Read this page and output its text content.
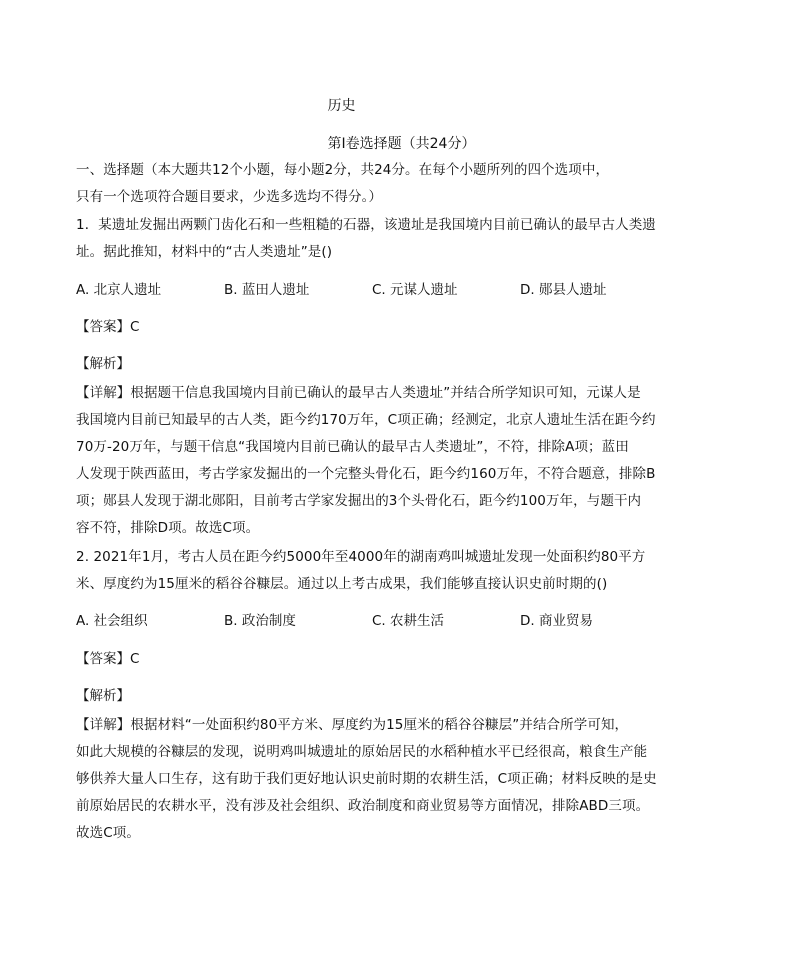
历史
第Ⅰ卷选择题（共24分）
一、选择题（本大题共12个小题，每小题2分，共24分。在每个小题所列的四个选项中，
只有一个选项符合题目要求，少选多选均不得分。）
1．某遗址发掘出两颗门齿化石和一些粗糙的石器，该遗址是我国境内目前已确认的最早古人类遗
址。据此推知，材料中的“古人类遗址”是()
A. 北京人遗址	B. 蓝田人遗址	C. 元谋人遗址	D. 郧县人遗址
【答案】C
【解析】
【详解】根据题干信息我国境内目前已确认的最早古人类遗址”并结合所学知识可知，元谋人是
我国境内目前已知最早的古人类，距今约170万年，C项正确；经测定，北京人遗址生活在距今约
70万-20万年，与题干信息“我国境内目前已确认的最早古人类遗址”，不符，排除A项；蓝田
人发现于陕西蓝田，考古学家发掘出的一个完整头骨化石，距今约160万年，不符合题意，排除B
项；郧县人发现于湖北郧阳，目前考古学家发掘出的3个头骨化石，距今约100万年，与题干内
容不符，排除D项。故选C项。
2. 2021年1月，考古人员在距今约5000年至4000年的湖南鸡叫城遗址发现一处面积约80平方
米、厚度约为15厘米的稻谷谷糠层。通过以上考古成果，我们能够直接认识史前时期的()
A. 社会组织	B. 政治制度	C. 农耕生活	D. 商业贸易
【答案】C
【解析】
【详解】根据材料“一处面积约80平方米、厚度约为15厘米的稻谷谷糠层”并结合所学可知，
如此大规模的谷糠层的发现，说明鸡叫城遗址的原始居民的水稻种植水平已经很高，粮食生产能
够供养大量人口生存，这有助于我们更好地认识史前时期的农耕生活，C项正确；材料反映的是史
前原始居民的农耕水平，没有涉及社会组织、政治制度和商业贸易等方面情况，排除ABD三项。
故选C项。
